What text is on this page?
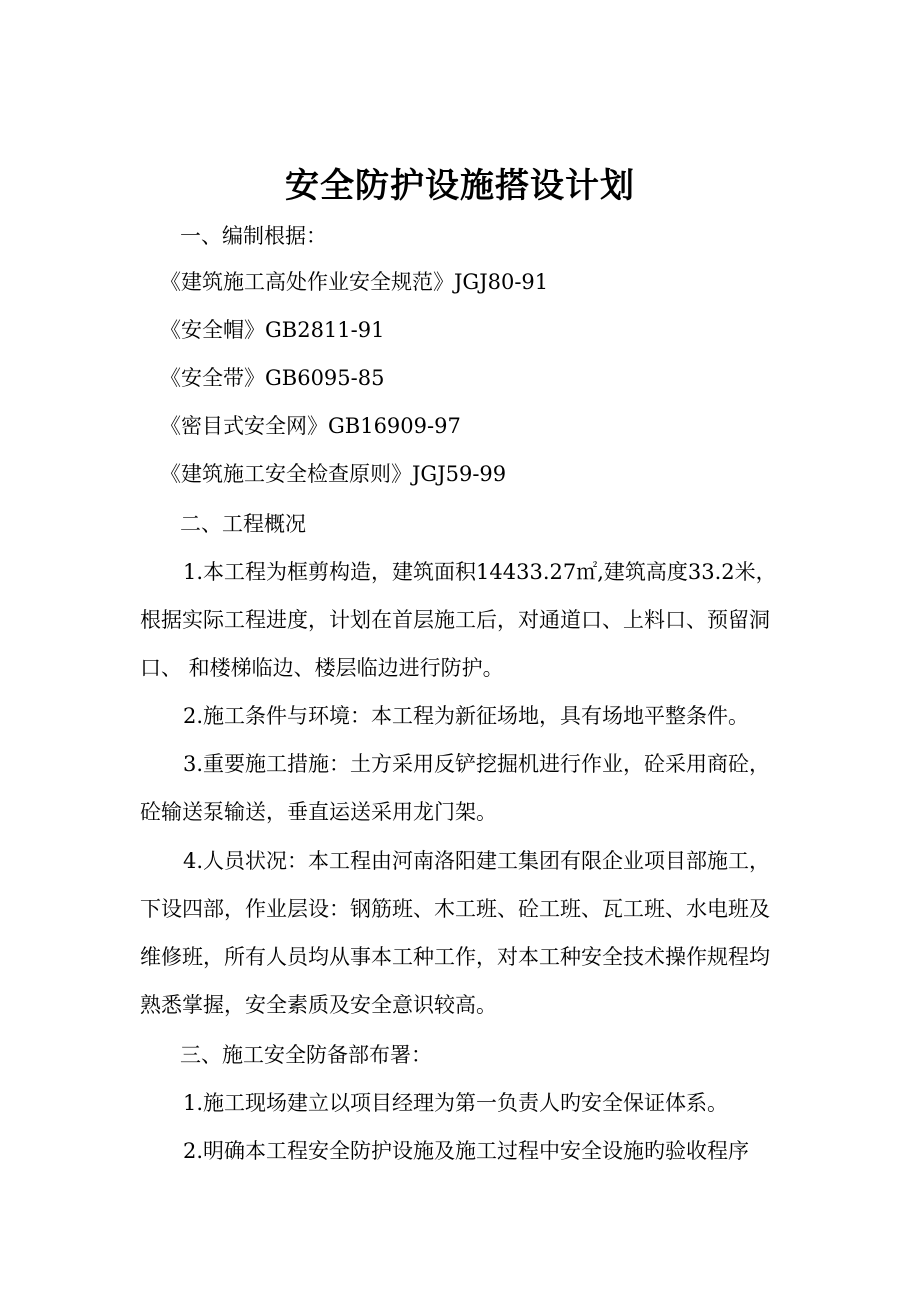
安全防护设施搭设计划

一、编制根据：

《建筑施工高处作业安全规范》JGJ80-91

《安全帽》GB2811-91

《安全带》GB6095-85

《密目式安全网》GB16909-97

《建筑施工安全检查原则》JGJ59-99

二、工程概况

1.本工程为框剪构造，建筑面积14433.27㎡,建筑高度33.2米，

根据实际工程进度，计划在首层施工后，对通道口、上料口、预留洞

口、 和楼梯临边、楼层临边进行防护。

2.施工条件与环境：本工程为新征场地，具有场地平整条件。

3.重要施工措施：土方采用反铲挖掘机进行作业，砼采用商砼，

砼输送泵输送，垂直运送采用龙门架。

4.人员状况：本工程由河南洛阳建工集团有限企业项目部施工，

下设四部，作业层设：钢筋班、木工班、砼工班、瓦工班、水电班及

维修班，所有人员均从事本工种工作，对本工种安全技术操作规程均

熟悉掌握，安全素质及安全意识较高。

三、施工安全防备部布署：

1.施工现场建立以项目经理为第一负责人旳安全保证体系。

2.明确本工程安全防护设施及施工过程中安全设施旳验收程序
